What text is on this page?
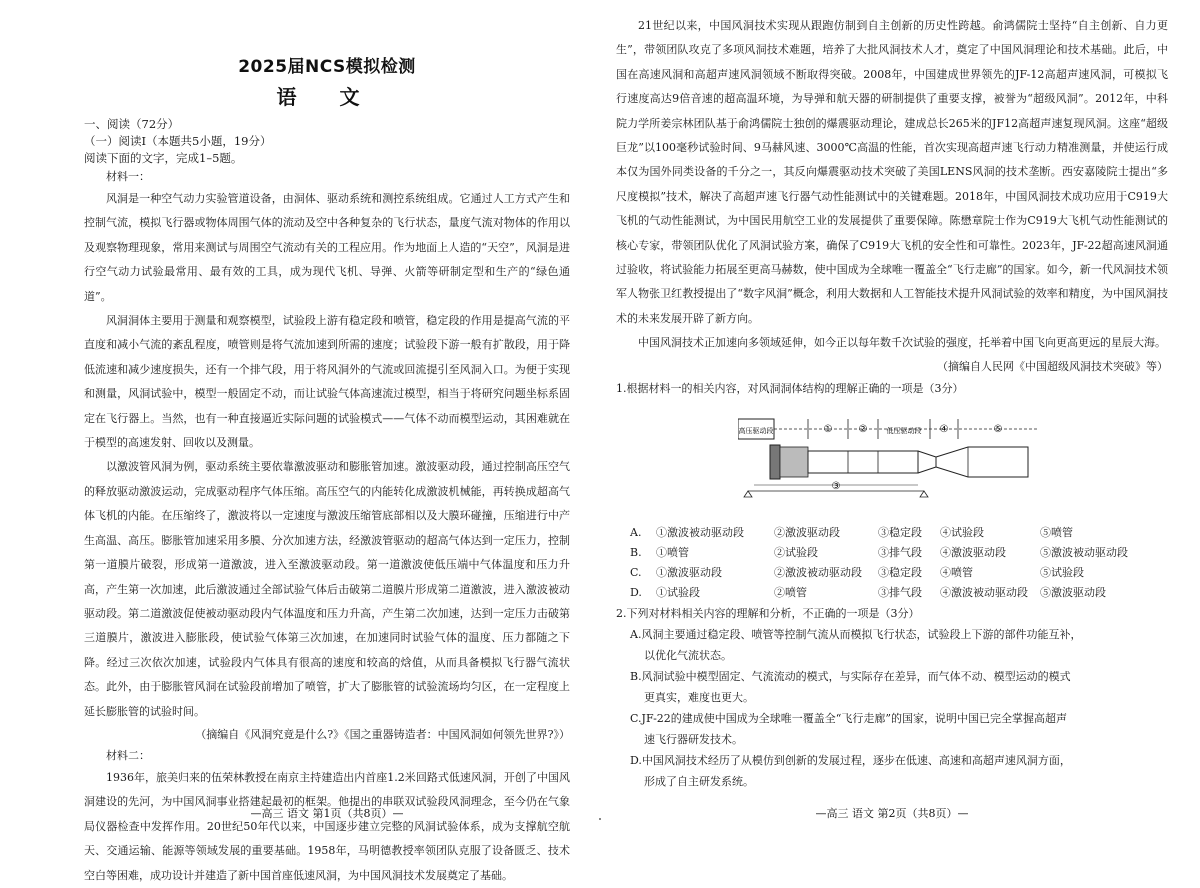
2025届NCS模拟检测
语 文

一、阅读（72分）

（一）阅读Ⅰ（本题共5小题，19分）

阅读下面的文字，完成1–5题。

材料一：

风洞是一种空气动力实验管道设备，由洞体、驱动系统和测控系统组成。它通过人工方式产生和控制气流，模拟飞行器或物体周围气体的流动及空中各种复杂的飞行状态，量度气流对物体的作用以及观察物理现象，常用来测试与周围空气流动有关的工程应用。作为地面上人造的“天空”，风洞是进行空气动力试验最常用、最有效的工具，成为现代飞机、导弹、火箭等研制定型和生产的“绿色通道”。

风洞洞体主要用于测量和观察模型，试验段上游有稳定段和喷管，稳定段的作用是提高气流的平直度和减小气流的紊乱程度，喷管则是将气流加速到所需的速度；试验段下游一般有扩散段，用于降低流速和减少速度损失，还有一个排气段，用于将风洞外的气流或回流提引至风洞入口。为便于实现和测量，风洞试验中，模型一般固定不动，而让试验气体高速流过模型，相当于将研究问题坐标系固定在飞行器上。当然，也有一种直接逼近实际问题的试验模式——气体不动而模型运动，其困难就在于模型的高速发射、回收以及测量。

以激波管风洞为例，驱动系统主要依靠激波驱动和膨胀管加速。激波驱动段，通过控制高压空气的释放驱动激波运动，完成驱动程序气体压缩。高压空气的内能转化成激波机械能，再转换成超高气体飞机的内能。在压缩终了，激波将以一定速度与激波压缩管底部相以及大膜环碰撞，压缩进行中产生高温、高压。膨胀管加速采用多膜、分次加速方法，经激波管驱动的超高气体达到一定压力，控制第一道膜片破裂，形成第一道激波，进入至激波驱动段。第一道激波使低压端中气体温度和压力升高，产生第一次加速，此后激波通过全部试验气体后击破第二道膜片形成第二道激波，进入激波被动驱动段。第二道激波促使被动驱动段内气体温度和压力升高，产生第二次加速，达到一定压力击破第三道膜片，激波进入膨胀段，使试验气体第三次加速，在加速同时试验气体的温度、压力都随之下降。经过三次依次加速，试验段内气体具有很高的速度和较高的焓值，从而具备模拟飞行器气流状态。此外，由于膨胀管风洞在试验段前增加了喷管，扩大了膨胀管的试验流场均匀区，在一定程度上延长膨胀管的试验时间。

（摘编自《风洞究竟是什么?》《国之重器铸造者：中国风洞如何领先世界?》）

材料二：

1936年，旅美归来的伍荣林教授在南京主持建造出内首座1.2米回路式低速风洞，开创了中国风洞建设的先河，为中国风洞事业搭建起最初的框架。他提出的串联双试验段风洞理念，至今仍在气象局仪器检查中发挥作用。20世纪50年代以来，中国逐步建立完整的风洞试验体系，成为支撑航空航天、交通运输、能源等领域发展的重要基础。1958年，马明德教授率领团队克服了设备匮乏、技术空白等困难，成功设计并建造了新中国首座低速风洞，为中国风洞技术发展奠定了基础。

—高三 语文 第1页（共8页）—

21世纪以来，中国风洞技术实现从跟跑仿制到自主创新的历史性跨越。俞鸿儒院士坚持“自主创新、自力更生”，带领团队攻克了多项风洞技术难题，培养了大批风洞技术人才，奠定了中国风洞理论和技术基础。此后，中国在高速风洞和高超声速风洞领域不断取得突破。2008年，中国建成世界领先的JF-12高超声速风洞，可模拟飞行速度高达9倍音速的超高温环境，为导弹和航天器的研制提供了重要支撑，被誉为“超级风洞”。2012年，中科院力学所姜宗林团队基于俞鸿儒院士独创的爆震驱动理论，建成总长265米的JF12高超声速复现风洞。这座“超级巨龙”以100毫秒试验时间、9马赫风速、3000℃高温的性能，首次实现高超声速飞行动力精准测量，并使运行成本仅为国外同类设备的千分之一，其反向爆震驱动技术突破了美国LENS风洞的技术垄断。西安嘉陵院士提出“多尺度模拟”技术，解决了高超声速飞行器气动性能测试中的关键难题。2018年，中国风洞技术成功应用于C919大飞机的气动性能测试，为中国民用航空工业的发展提供了重要保障。陈懋章院士作为C919大飞机气动性能测试的核心专家，带领团队优化了风洞试验方案，确保了C919大飞机的安全性和可靠性。2023年，JF-22超高速风洞通过验收，将试验能力拓展至更高马赫数，使中国成为全球唯一覆盖全“飞行走廊”的国家。如今，新一代风洞技术领军人物张卫红教授提出了“数字风洞”概念，利用大数据和人工智能技术提升风洞试验的效率和精度，为中国风洞技术的未来发展开辟了新方向。

中国风洞技术正加速向多领域延伸，如今正以每年数千次试验的强度，托举着中国飞向更高更远的星辰大海。

（摘编自人民网《中国超级风洞技术突破》等）

1.根据材料一的相关内容，对风洞洞体结构的理解正确的一项是（3分）

高压驱动段	①	②	低压驱动段 ④	⑤
③
A.	①激波被动驱动段	②激波驱动段	③稳定段	④试验段	⑤喷管
B.	①喷管	②试验段	③排气段	④激波驱动段	⑤激波被动驱动段
C.	①激波驱动段	②激波被动驱动段	③稳定段	④喷管	⑤试验段
D.	①试验段	②喷管	③排气段	④激波被动驱动段	⑤激波驱动段

2.下列对材料相关内容的理解和分析，不正确的一项是（3分）

A.风洞主要通过稳定段、喷管等控制气流从而模拟飞行状态，试验段上下游的部件功能互补，

以优化气流状态。

B.风洞试验中模型固定、气流流动的模式，与实际存在差异，而气体不动、模型运动的模式

更真实，难度也更大。

C.JF-22的建成使中国成为全球唯一覆盖全“飞行走廊”的国家，说明中国已完全掌握高超声

速飞行器研发技术。

D.中国风洞技术经历了从模仿到创新的发展过程，逐步在低速、高速和高超声速风洞方面，

形成了自主研发系统。

—高三 语文 第2页（共8页）—
